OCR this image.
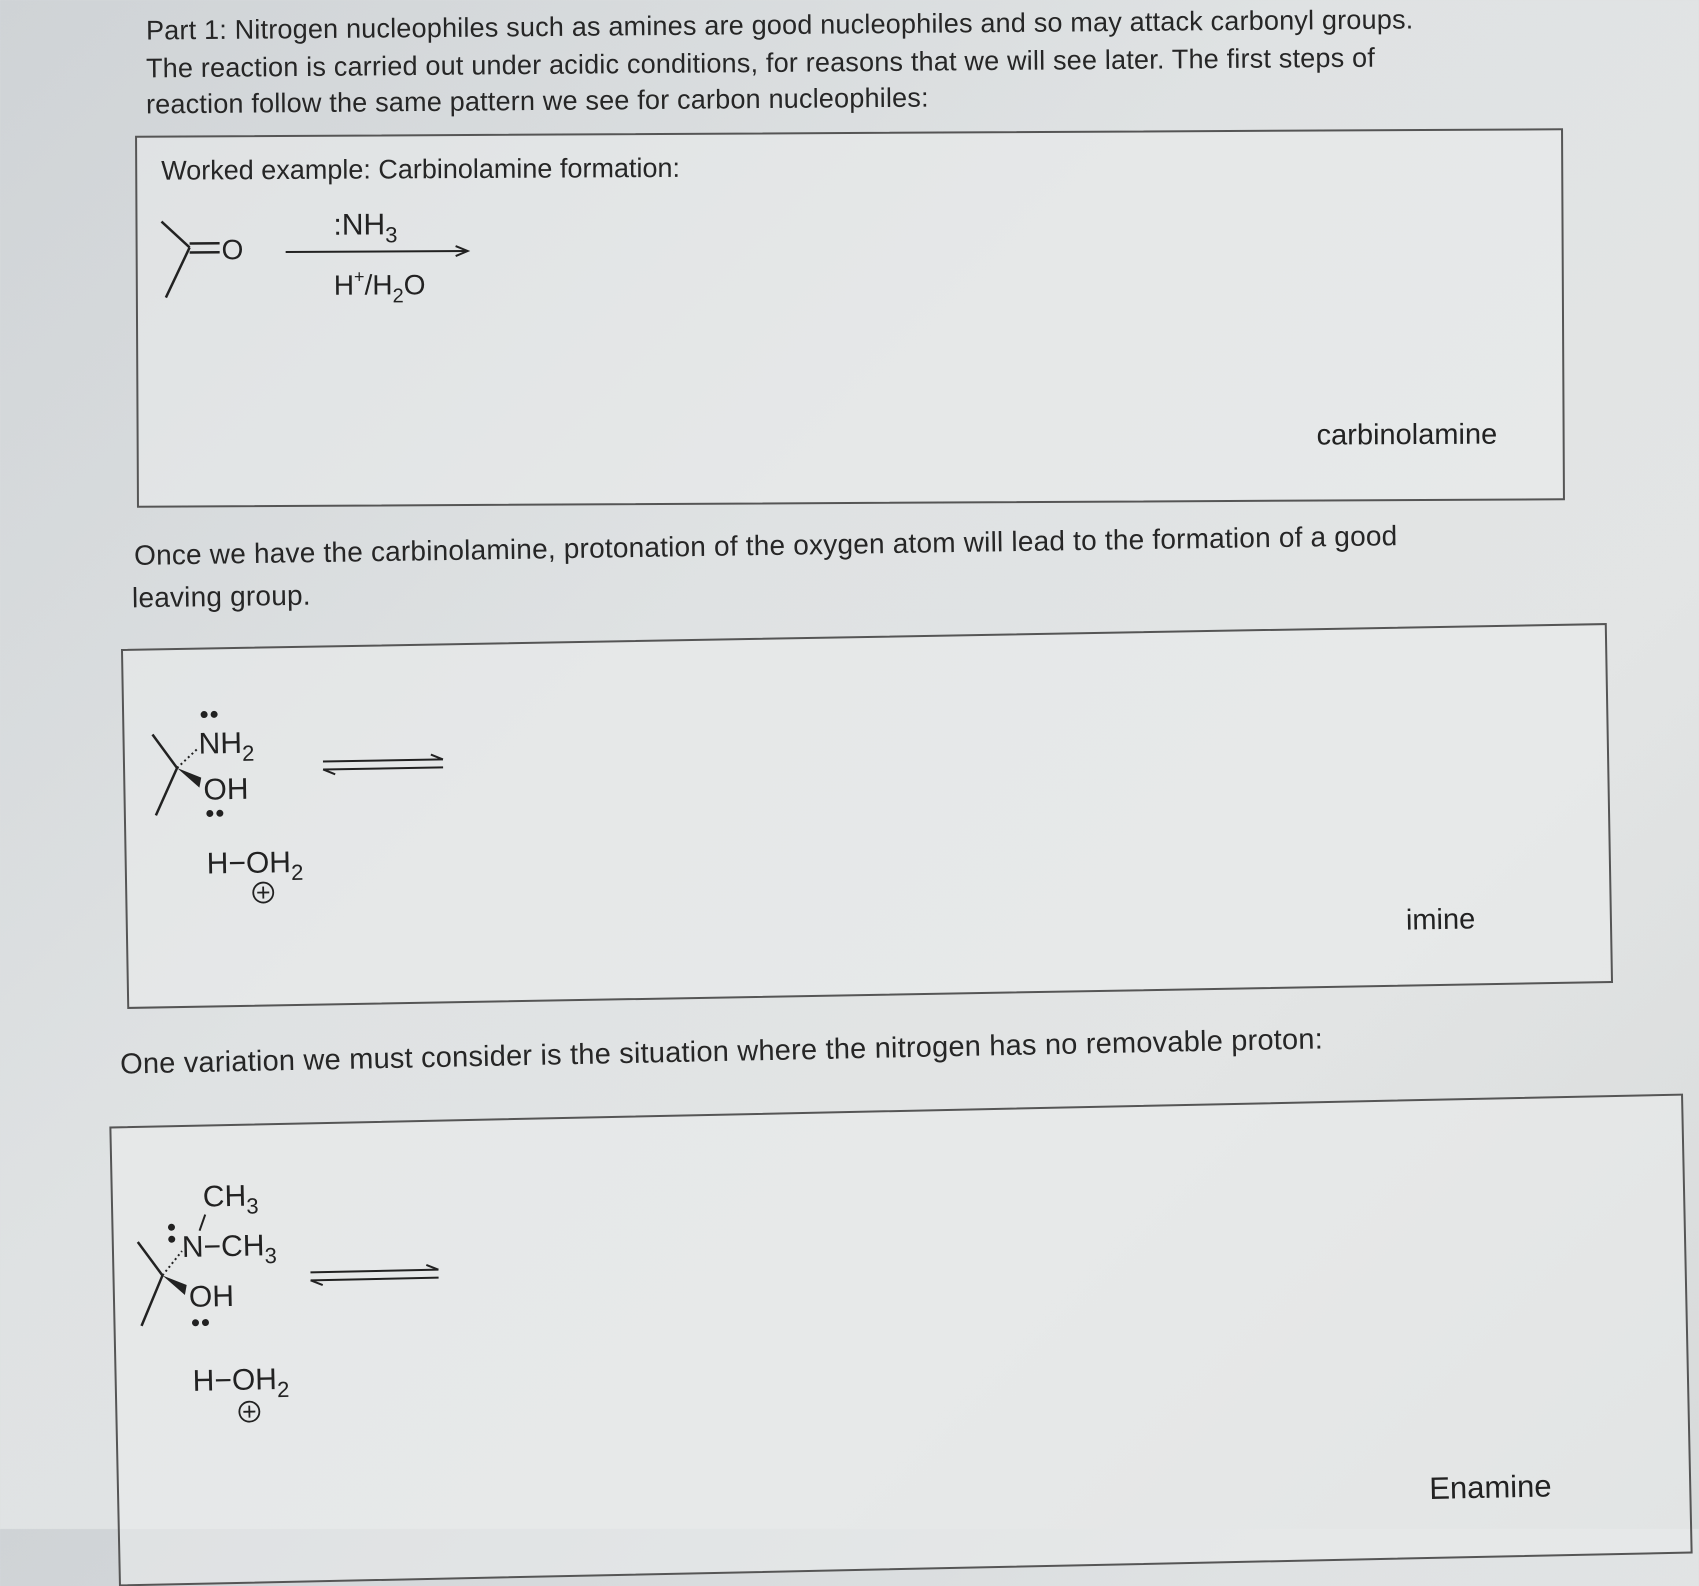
Part 1: Nitrogen nucleophiles such as amines are good nucleophiles and so may attack carbonyl groups.

The reaction is carried out under acidic conditions, for reasons that we will see later. The first steps of

reaction follow the same pattern we see for carbon nucleophiles:

Worked example: Carbinolamine formation:
O
$:NH_3$
$H^+/H_2O$
carbinolamine

Once we have the carbinolamine, protonation of the oxygen atom will lead to the formation of a good

leaving group.

$NH_2$
OH
$H-OH_2$
imine

One variation we must consider is the situation where the nitrogen has no removable proton:

$CH_3$
$N-CH_3$
OH
$H-OH_2$
Enamine
